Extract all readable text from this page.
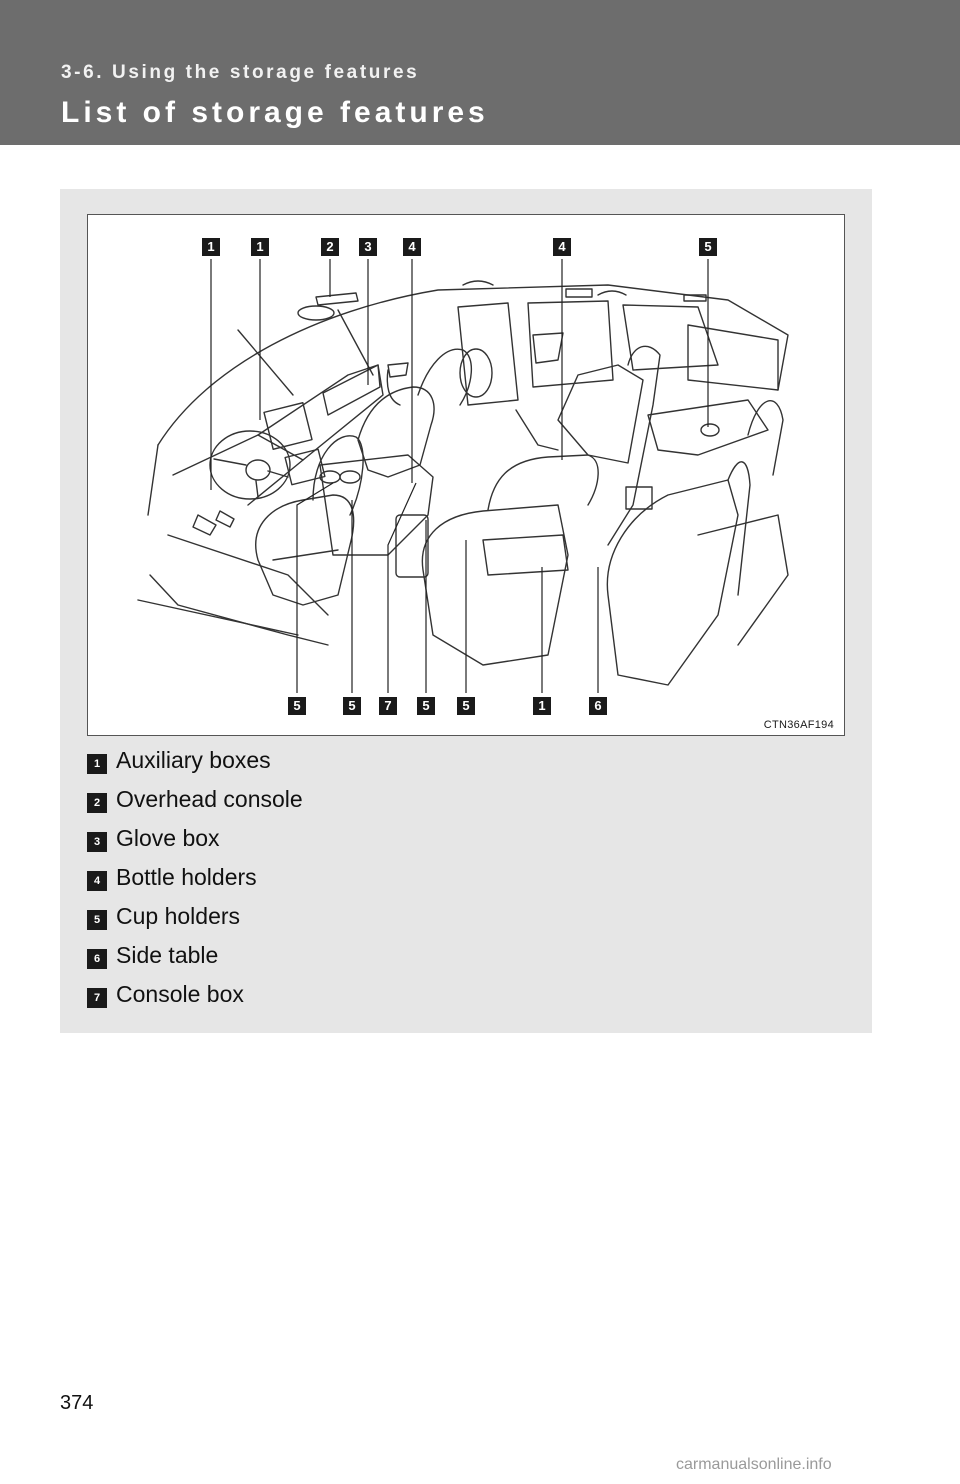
3-6. Using the storage features
List of storage features
1	1	2	3	4	4	5
5	5	7	5	5	1	6
CTN36AF194
1 Auxiliary boxes
2 Overhead console
3 Glove box
4 Bottle holders
5 Cup holders
6 Side table
7 Console box
374
carmanualsonline.info
